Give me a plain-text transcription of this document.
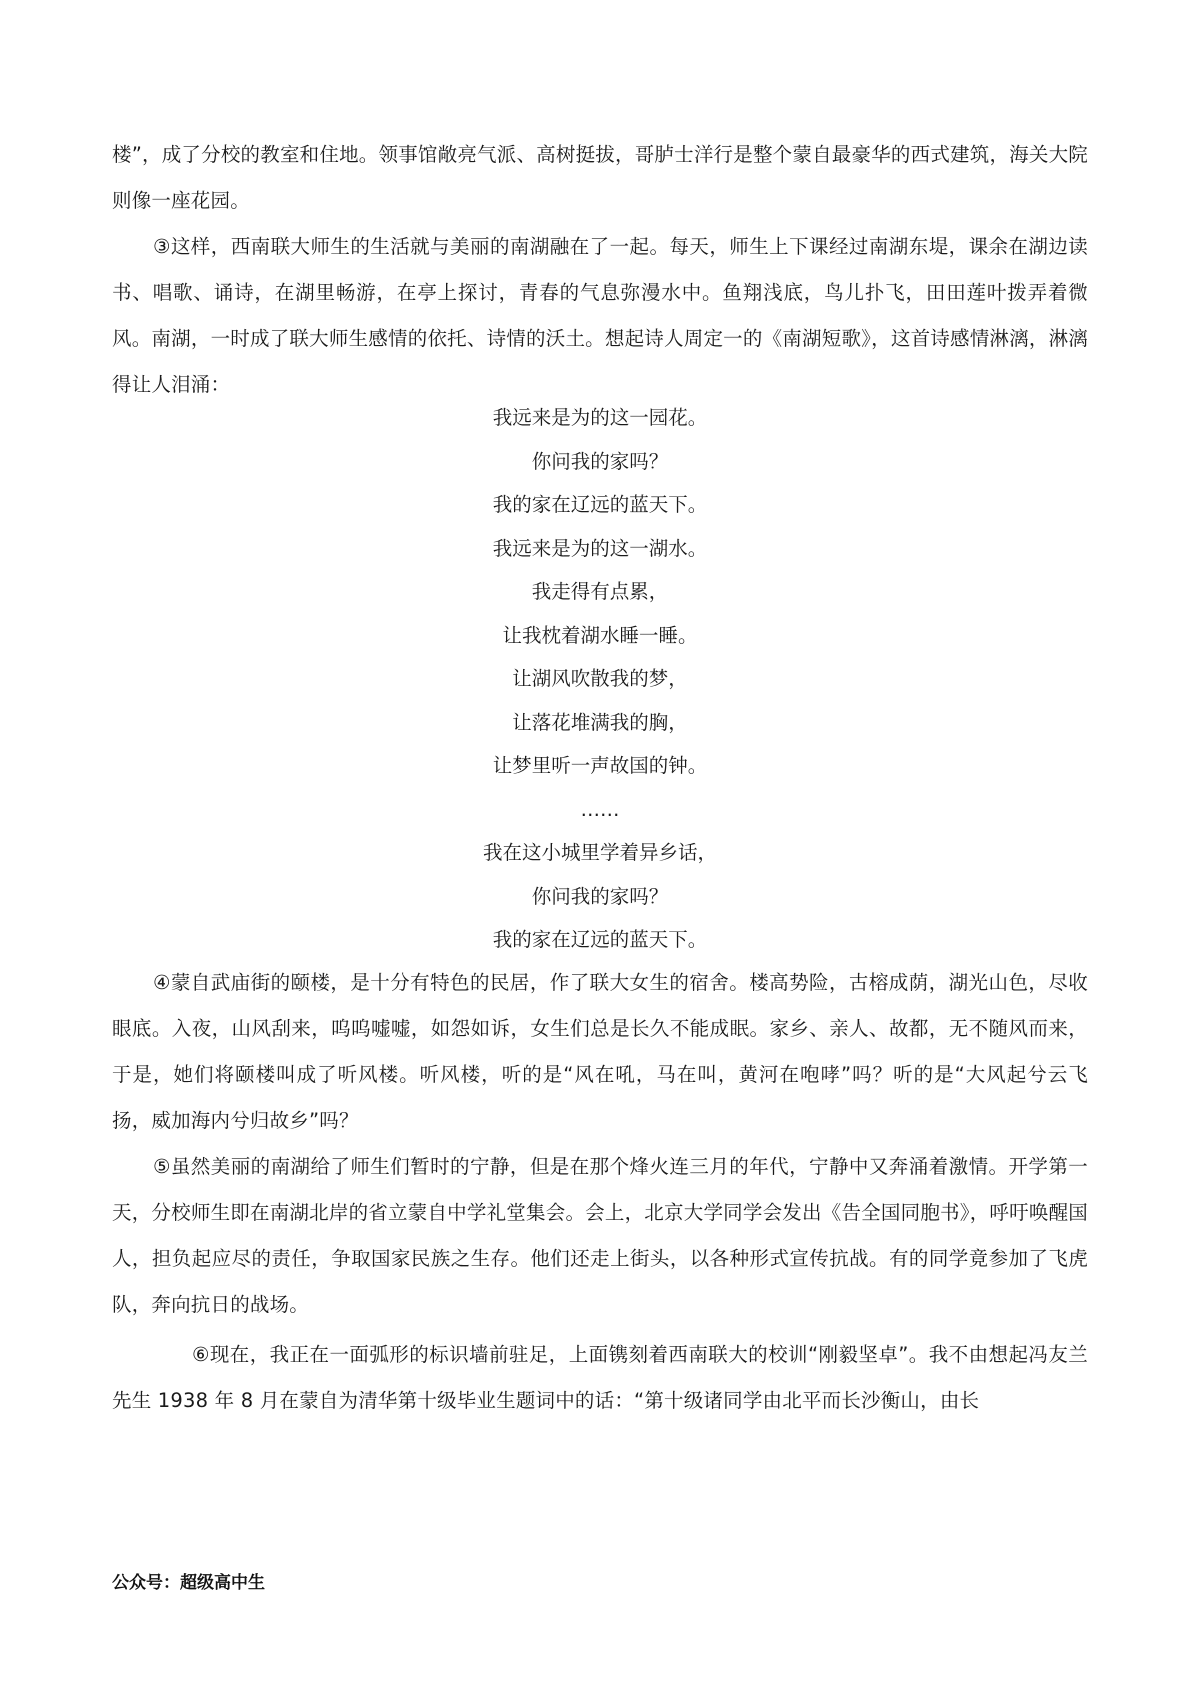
楼”，成了分校的教室和住地。领事馆敞亮气派、高树挺拔，哥胪士洋行是整个蒙自最豪华的西式建筑，海关大院则像一座花园。

③这样，西南联大师生的生活就与美丽的南湖融在了一起。每天，师生上下课经过南湖东堤，课余在湖边读书、唱歌、诵诗，在湖里畅游，在亭上探讨，青春的气息弥漫水中。鱼翔浅底，鸟儿扑飞，田田莲叶拨弄着微风。南湖，一时成了联大师生感情的依托、诗情的沃土。想起诗人周定一的《南湖短歌》，这首诗感情淋漓，淋漓得让人泪涌：

我远来是为的这一园花。

你问我的家吗？

我的家在辽远的蓝天下。

我远来是为的这一湖水。

我走得有点累，

让我枕着湖水睡一睡。

让湖风吹散我的梦，

让落花堆满我的胸，

让梦里听一声故国的钟。

……

我在这小城里学着异乡话，

你问我的家吗？

我的家在辽远的蓝天下。

④蒙自武庙街的颐楼，是十分有特色的民居，作了联大女生的宿舍。楼高势险，古榕成荫，湖光山色，尽收眼底。入夜，山风刮来，呜呜嘘嘘，如怨如诉，女生们总是长久不能成眠。家乡、亲人、故都，无不随风而来，于是，她们将颐楼叫成了听风楼。听风楼，听的是“风在吼，马在叫，黄河在咆哮”吗？听的是“大风起兮云飞扬，威加海内兮归故乡”吗？

⑤虽然美丽的南湖给了师生们暂时的宁静，但是在那个烽火连三月的年代，宁静中又奔涌着激情。开学第一天，分校师生即在南湖北岸的省立蒙自中学礼堂集会。会上，北京大学同学会发出《告全国同胞书》，呼吁唤醒国人，担负起应尽的责任，争取国家民族之生存。他们还走上街头，以各种形式宣传抗战。有的同学竟参加了飞虎队，奔向抗日的战场。

⑥现在，我正在一面弧形的标识墙前驻足，上面镌刻着西南联大的校训“刚毅坚卓”。我不由想起冯友兰先生 1938 年 8 月在蒙自为清华第十级毕业生题词中的话：“第十级诸同学由北平而长沙衡山，由长

公众号：超级高中生
